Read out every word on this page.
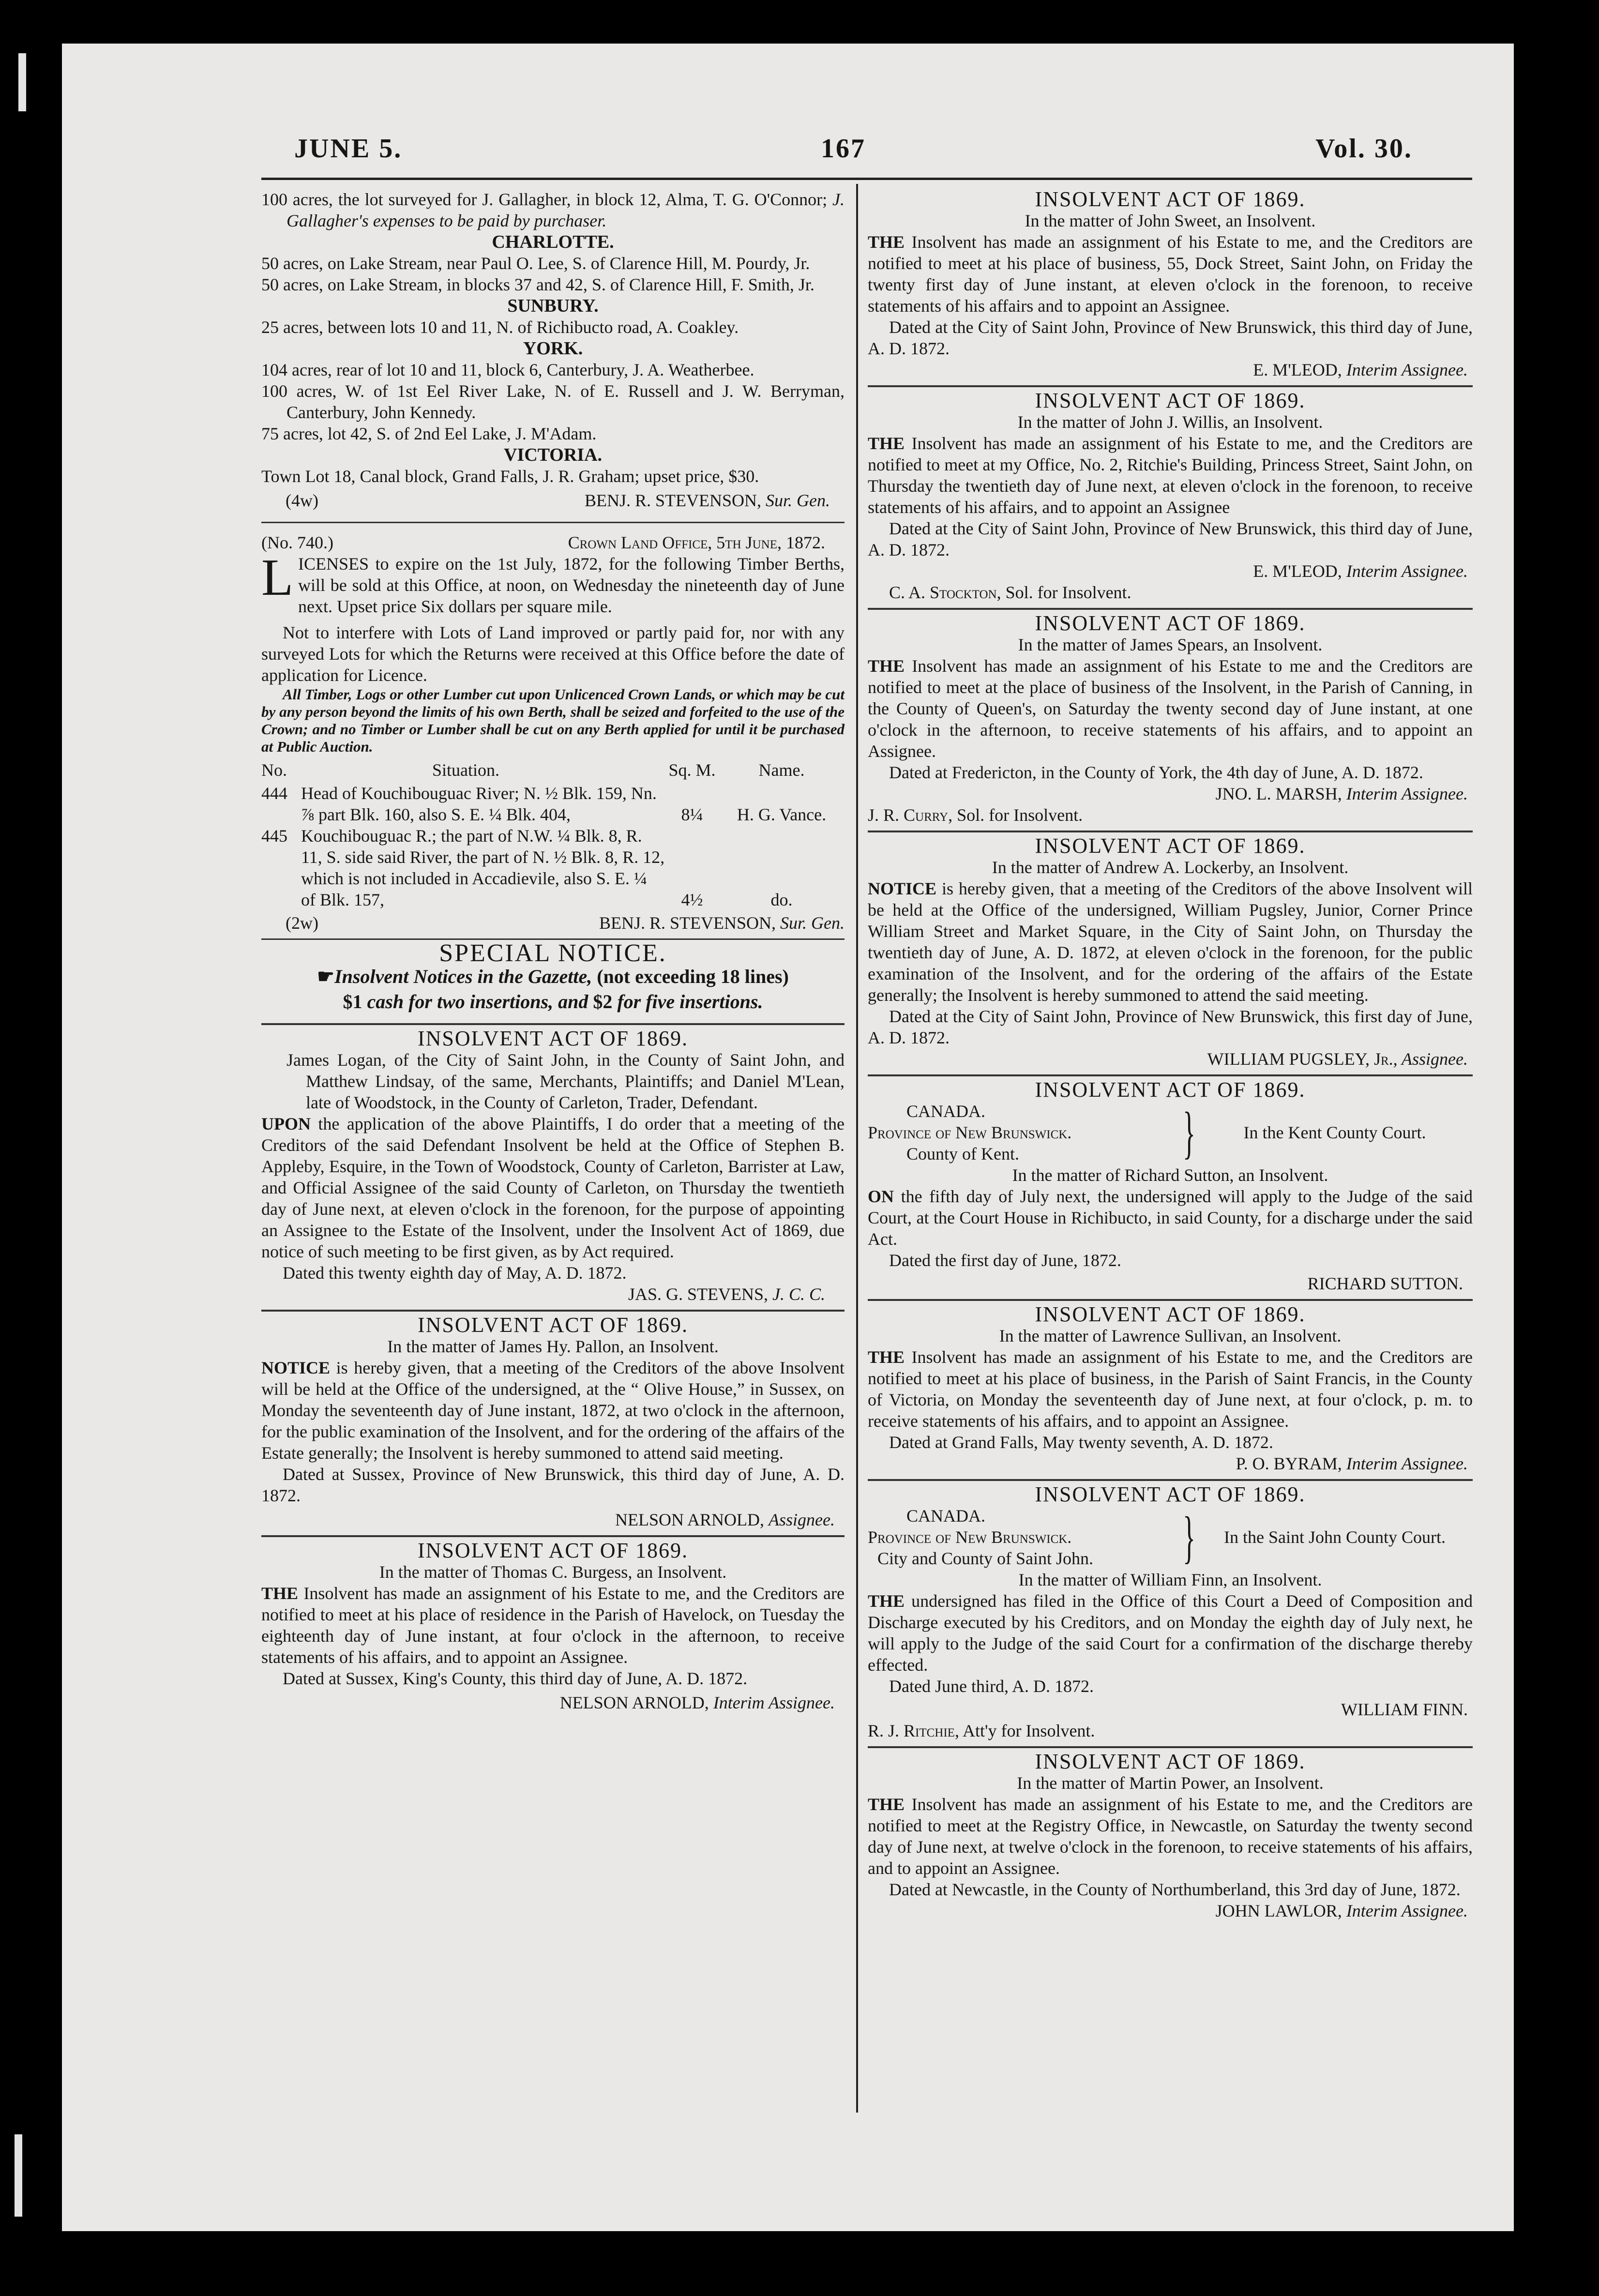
JUNE 5.	167	Vol. 30.

100 acres, the lot surveyed for J. Gallagher, in block 12, Alma, T. G. O'Connor; J. Gallagher's expenses to be paid by purchaser.

CHARLOTTE.

50 acres, on Lake Stream, near Paul O. Lee, S. of Clarence Hill, M. Pourdy, Jr.

50 acres, on Lake Stream, in blocks 37 and 42, S. of Clarence Hill, F. Smith, Jr.

SUNBURY.

25 acres, between lots 10 and 11, N. of Richibucto road, A. Coakley.

YORK.

104 acres, rear of lot 10 and 11, block 6, Canterbury, J. A. Weatherbee.

100 acres, W. of 1st Eel River Lake, N. of E. Russell and J. W. Berryman, Canterbury, John Kennedy.

75 acres, lot 42, S. of 2nd Eel Lake, J. M'Adam.

VICTORIA.

Town Lot 18, Canal block, Grand Falls, J. R. Graham; upset price, $30.

(4w)	BENJ. R. STEVENSON, Sur. Gen.
(No. 740.)	Crown Land Office, 5th June, 1872.

LICENSES to expire on the 1st July, 1872, for the following Timber Berths, will be sold at this Office, at noon, on Wednesday the nineteenth day of June next. Upset price Six dollars per square mile.

Not to interfere with Lots of Land improved or partly paid for, nor with any surveyed Lots for which the Returns were received at this Office before the date of application for Licence.

All Timber, Logs or other Lumber cut upon Unlicenced Crown Lands, or which may be cut by any person beyond the limits of his own Berth, shall be seized and forfeited to the use of the Crown; and no Timber or Lumber shall be cut on any Berth applied for until it be purchased at Public Auction.

No.	Situation.	Sq. M.	Name.
444 Head of Kouchibouguac River; N. ½ Blk. 159, Nn. ⅞ part Blk. 160, also S. E. ¼ Blk. 404,	8¼	H. G. Vance.
445 Kouchibouguac R.; the part of N.W. ¼ Blk. 8, R. 11, S. side said River, the part of N. ½ Blk. 8, R. 12, which is not included in Accadievile, also S. E. ¼ of Blk. 157,	4½	do.
(2w)	BENJ. R. STEVENSON, Sur. Gen.

SPECIAL NOTICE.

☛Insolvent Notices in the Gazette, (not exceeding 18 lines)

$1 cash for two insertions, and $2 for five insertions.

INSOLVENT ACT OF 1869.

James Logan, of the City of Saint John, in the County of Saint John, and Matthew Lindsay, of the same, Merchants, Plaintiffs; and Daniel M'Lean, late of Woodstock, in the County of Carleton, Trader, Defendant.

UPON the application of the above Plaintiffs, I do order that a meeting of the Creditors of the said Defendant Insolvent be held at the Office of Stephen B. Appleby, Esquire, in the Town of Woodstock, County of Carleton, Barrister at Law, and Official Assignee of the said County of Carleton, on Thursday the twentieth day of June next, at eleven o'clock in the forenoon, for the purpose of appointing an Assignee to the Estate of the Insolvent, under the Insolvent Act of 1869, due notice of such meeting to be first given, as by Act required.

Dated this twenty eighth day of May, A. D. 1872.

JAS. G. STEVENS, J. C. C.

INSOLVENT ACT OF 1869.

In the matter of James Hy. Pallon, an Insolvent.

NOTICE is hereby given, that a meeting of the Creditors of the above Insolvent will be held at the Office of the undersigned, at the “ Olive House,” in Sussex, on Monday the seventeenth day of June instant, 1872, at two o'clock in the afternoon, for the public examination of the Insolvent, and for the ordering of the affairs of the Estate generally; the Insolvent is hereby summoned to attend said meeting.

Dated at Sussex, Province of New Brunswick, this third day of June, A. D. 1872.

NELSON ARNOLD, Assignee.

INSOLVENT ACT OF 1869.

In the matter of Thomas C. Burgess, an Insolvent.

THE Insolvent has made an assignment of his Estate to me, and the Creditors are notified to meet at his place of residence in the Parish of Havelock, on Tuesday the eighteenth day of June instant, at four o'clock in the afternoon, to receive statements of his affairs, and to appoint an Assignee.

Dated at Sussex, King's County, this third day of June, A. D. 1872.

NELSON ARNOLD, Interim Assignee.

INSOLVENT ACT OF 1869.

In the matter of John Sweet, an Insolvent.

THE Insolvent has made an assignment of his Estate to me, and the Creditors are notified to meet at his place of business, 55, Dock Street, Saint John, on Friday the twenty first day of June instant, at eleven o'clock in the forenoon, to receive statements of his affairs and to appoint an Assignee.

Dated at the City of Saint John, Province of New Brunswick, this third day of June, A. D. 1872.

E. M'LEOD, Interim Assignee.

INSOLVENT ACT OF 1869.

In the matter of John J. Willis, an Insolvent.

THE Insolvent has made an assignment of his Estate to me, and the Creditors are notified to meet at my Office, No. 2, Ritchie's Building, Princess Street, Saint John, on Thursday the twentieth day of June next, at eleven o'clock in the forenoon, to receive statements of his affairs, and to appoint an Assignee

Dated at the City of Saint John, Province of New Brunswick, this third day of June, A. D. 1872.

E. M'LEOD, Interim Assignee.

C. A. Stockton, Sol. for Insolvent.

INSOLVENT ACT OF 1869.

In the matter of James Spears, an Insolvent.

THE Insolvent has made an assignment of his Estate to me and the Creditors are notified to meet at the place of business of the Insolvent, in the Parish of Canning, in the County of Queen's, on Saturday the twenty second day of June instant, at one o'clock in the afternoon, to receive statements of his affairs, and to appoint an Assignee.

Dated at Fredericton, in the County of York, the 4th day of June, A. D. 1872.

JNO. L. MARSH, Interim Assignee.

J. R. Curry, Sol. for Insolvent.

INSOLVENT ACT OF 1869.

In the matter of Andrew A. Lockerby, an Insolvent.

NOTICE is hereby given, that a meeting of the Creditors of the above Insolvent will be held at the Office of the undersigned, William Pugsley, Junior, Corner Prince William Street and Market Square, in the City of Saint John, on Thursday the twentieth day of June, A. D. 1872, at eleven o'clock in the forenoon, for the public examination of the Insolvent, and for the ordering of the affairs of the Estate generally; the Insolvent is hereby summoned to attend the said meeting.

Dated at the City of Saint John, Province of New Brunswick, this first day of June, A. D. 1872.

WILLIAM PUGSLEY, Jr., Assignee.

INSOLVENT ACT OF 1869.

CANADA.

Province of New Brunswick.

County of Kent.	}	In the Kent County Court.

In the matter of Richard Sutton, an Insolvent.

ON the fifth day of July next, the undersigned will apply to the Judge of the said Court, at the Court House in Richibucto, in said County, for a discharge under the said Act.

Dated the first day of June, 1872.

RICHARD SUTTON.

INSOLVENT ACT OF 1869.

In the matter of Lawrence Sullivan, an Insolvent.

THE Insolvent has made an assignment of his Estate to me, and the Creditors are notified to meet at his place of business, in the Parish of Saint Francis, in the County of Victoria, on Monday the seventeenth day of June next, at four o'clock, p. m. to receive statements of his affairs, and to appoint an Assignee.

Dated at Grand Falls, May twenty seventh, A. D. 1872.

P. O. BYRAM, Interim Assignee.

INSOLVENT ACT OF 1869.

CANADA.

Province of New Brunswick.

City and County of Saint John.	}	In the Saint John County Court.

In the matter of William Finn, an Insolvent.

THE undersigned has filed in the Office of this Court a Deed of Composition and Discharge executed by his Creditors, and on Monday the eighth day of July next, he will apply to the Judge of the said Court for a confirmation of the discharge thereby effected.

Dated June third, A. D. 1872.

WILLIAM FINN.

R. J. Ritchie, Att'y for Insolvent.

INSOLVENT ACT OF 1869.

In the matter of Martin Power, an Insolvent.

THE Insolvent has made an assignment of his Estate to me, and the Creditors are notified to meet at the Registry Office, in Newcastle, on Saturday the twenty second day of June next, at twelve o'clock in the forenoon, to receive statements of his affairs, and to appoint an Assignee.

Dated at Newcastle, in the County of Northumberland, this 3rd day of June, 1872.

JOHN LAWLOR, Interim Assignee.
